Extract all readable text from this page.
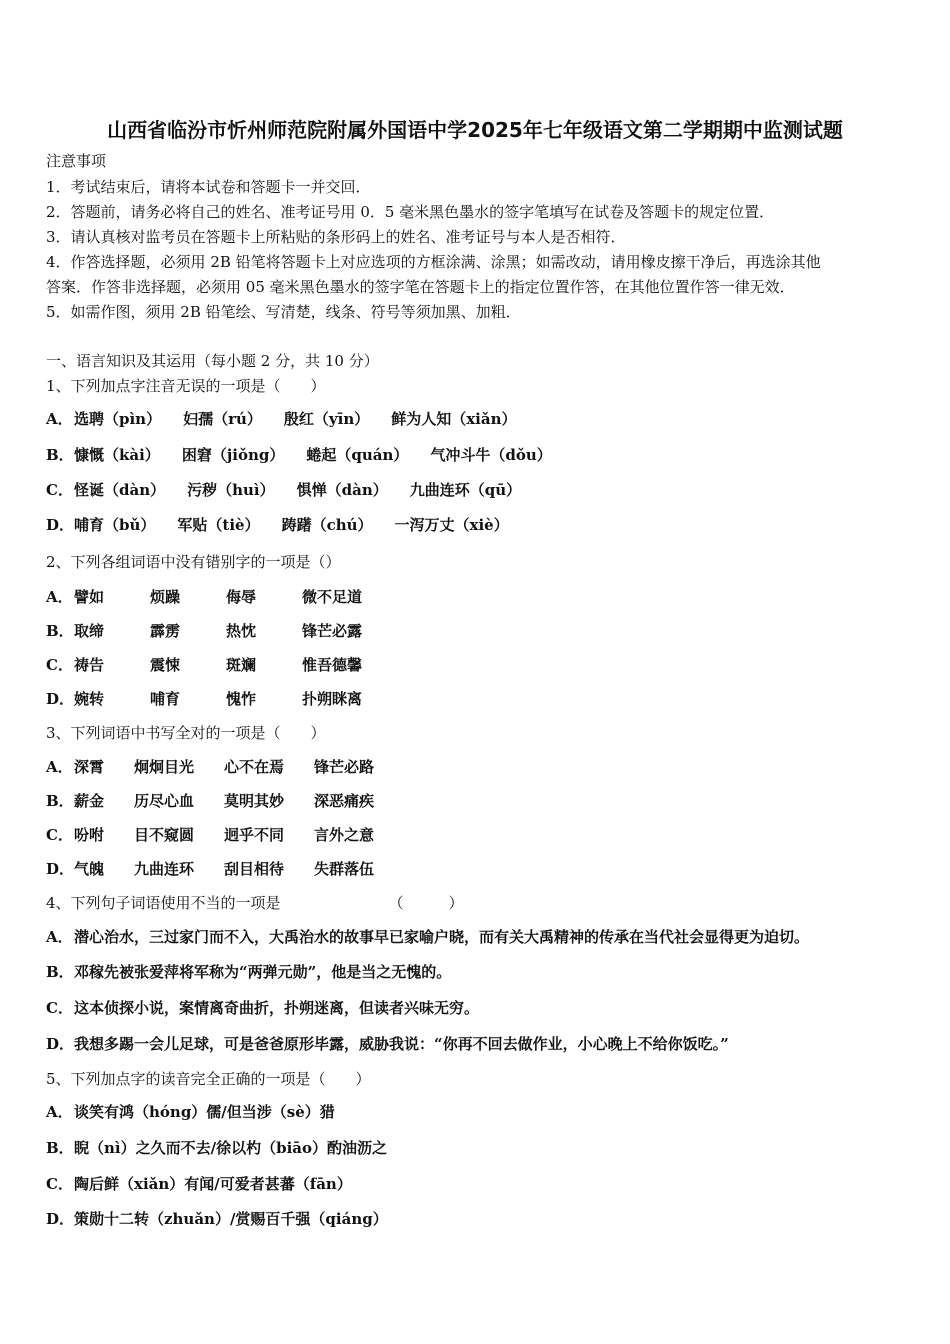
山西省临汾市忻州师范院附属外国语中学2025年七年级语文第二学期期中监测试题
注意事项
1．考试结束后，请将本试卷和答题卡一并交回．
2．答题前，请务必将自己的姓名、准考证号用 0．5 毫米黑色墨水的签字笔填写在试卷及答题卡的规定位置．
3．请认真核对监考员在答题卡上所粘贴的条形码上的姓名、准考证号与本人是否相符．
4．作答选择题，必须用 2B 铅笔将答题卡上对应选项的方框涂满、涂黑；如需改动，请用橡皮擦干净后，再选涂其他
答案．作答非选择题，必须用 05 毫米黑色墨水的签字笔在答题卡上的指定位置作答，在其他位置作答一律无效．
5．如需作图，须用 2B 铅笔绘、写清楚，线条、符号等须加黑、加粗．
一、语言知识及其运用（每小题 2 分，共 10 分）
1、下列加点字注音无误的一项是（　　）
A．选聘（pìn） 妇孺（rú） 殷红（yīn） 鲜为人知（xiǎn）
B．慷慨（kài） 困窘（jiǒng） 蜷起（quán） 气冲斗牛（dǒu）
C．怪诞（dàn） 污秽（huì） 惧惮（dàn） 九曲连环（qū）
D．哺育（bǔ） 军贴（tiè） 踌躇（chú） 一泻万丈（xiè）
2、下列各组词语中没有错别字的一项是（）
A．譬如	烦躁	侮辱	微不足道
B．取缔	霹雳	热忱	锋芒必露
C．祷告	震悚	斑斓	惟吾德馨
D．婉转	哺育	愧怍	扑朔眯离
3、下列词语中书写全对的一项是（　　）
A．深霄 炯炯目光 心不在焉 锋芒必路
B．薪金 历尽心血 莫明其妙 深恶痛疾
C．吩咐 目不窥圆 迥乎不同 言外之意
D．气魄 九曲连环 刮目相待 失群落伍
4、下列句子词语使用不当的一项是	（　　　）
A．潜心治水，三过家门而不入，大禹治水的故事早已家喻户晓，而有关大禹精神的传承在当代社会显得更为迫切。
B．邓稼先被张爱萍将军称为“两弹元勋”，他是当之无愧的。
C．这本侦探小说，案情离奇曲折，扑朔迷离，但读者兴味无穷。
D．我想多踢一会儿足球，可是爸爸原形毕露，威胁我说：“你再不回去做作业，小心晚上不给你饭吃。”
5、下列加点字的读音完全正确的一项是（　　）
A．谈笑有鸿（hóng）儒/但当涉（sè）猎
B．睨（nì）之久而不去/徐以杓（biāo）酌油沥之
C．陶后鲜（xiǎn）有闻/可爱者甚蕃（fān）
D．策勋十二转（zhuǎn）/赏赐百千强（qiáng）
